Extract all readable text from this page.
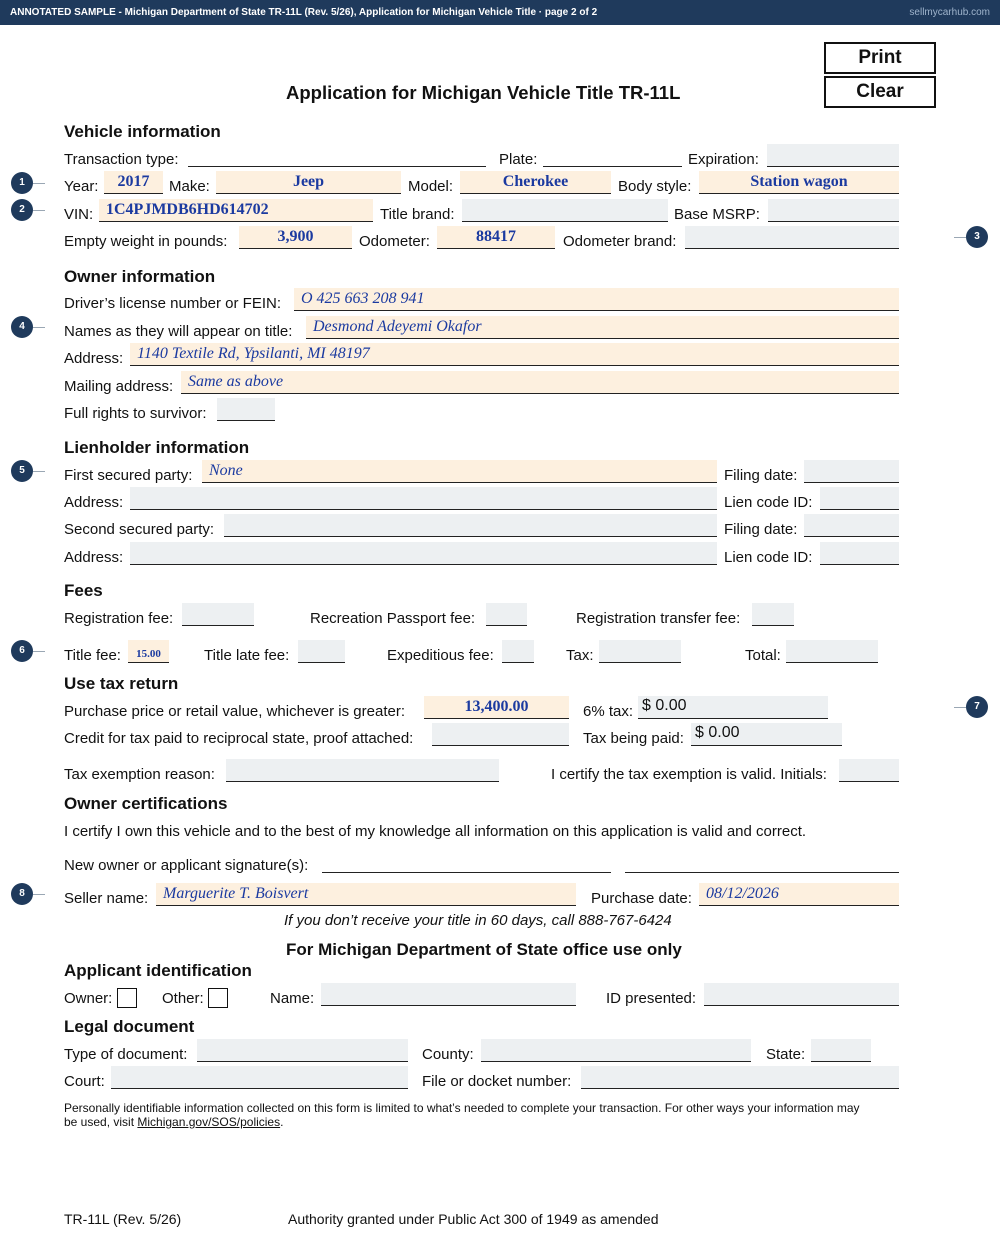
ANNOTATED SAMPLE - Michigan Department of State TR-11L (Rev. 5/26), Application for Michigan Vehicle Title · page 2 of 2	sellmycarhub.com
Print
Clear
Application for Michigan Vehicle Title TR-11L
Vehicle information
Transaction type:	Plate:	Expiration:
Year:	2017	Make:	Jeep	Model:	Cherokee	Body style:	Station wagon
VIN: 1C4PJMDB6HD614702	Title brand:	Base MSRP:
Empty weight in pounds:	3,900	Odometer:	88417	Odometer brand:
Owner information
Driver’s license number or FEIN:	O 425 663 208 941
Names as they will appear on title:	Desmond Adeyemi Okafor
Address: 1140 Textile Rd, Ypsilanti, MI 48197
Mailing address: Same as above
Full rights to survivor:
Lienholder information
First secured party:	None	Filing date:
Address:	Lien code ID:
Second secured party:	Filing date:
Address:	Lien code ID:
Fees
Registration fee:	Recreation Passport fee:	Registration transfer fee:
Title fee:	15.00	Title late fee:	Expeditious fee:	Tax:	Total:
Use tax return
Purchase price or retail value, whichever is greater:	13,400.00	6% tax: $ 0.00
Credit for tax paid to reciprocal state, proof attached:	Tax being paid: $ 0.00
Tax exemption reason:	I certify the tax exemption is valid. Initials:
Owner certifications
I certify I own this vehicle and to the best of my knowledge all information on this application is valid and correct.
New owner or applicant signature(s):
Seller name: Marguerite T. Boisvert	Purchase date: 08/12/2026
If you don’t receive your title in 60 days, call 888-767-6424
For Michigan Department of State office use only
Applicant identification
Owner:	Other:	Name:	ID presented:
Legal document
Type of document:	County:	State:
Court:	File or docket number:
Personally identifiable information collected on this form is limited to what’s needed to complete your transaction. For other ways your information may
be used, visit Michigan.gov/SOS/policies.
TR-11L (Rev. 5/26)	Authority granted under Public Act 300 of 1949 as amended
1
2
3
4
5
6
7
8
